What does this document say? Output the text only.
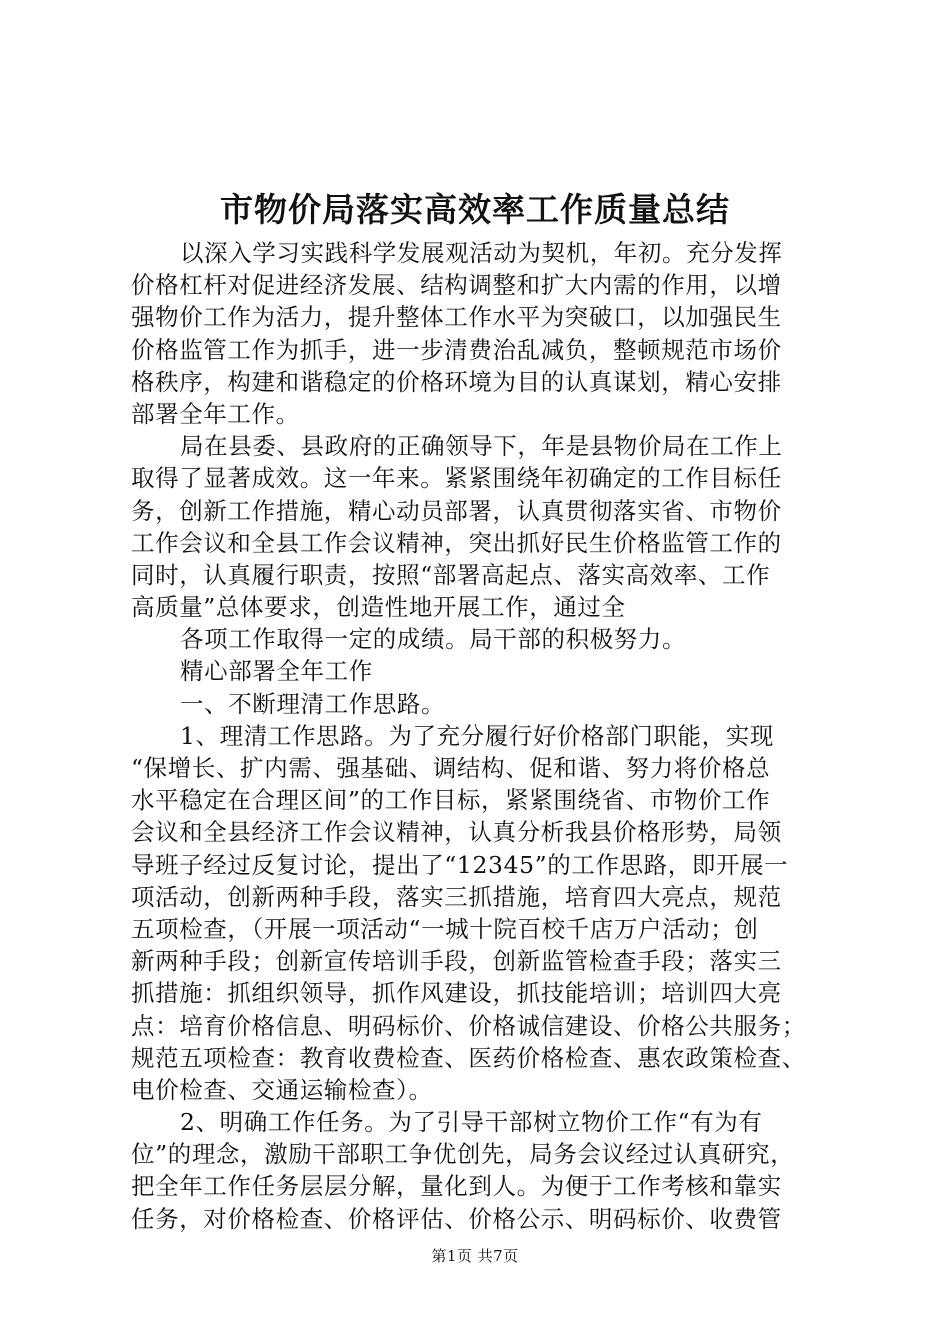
市物价局落实高效率工作质量总结
以深入学习实践科学发展观活动为契机，年初。充分发挥
价格杠杆对促进经济发展、结构调整和扩大内需的作用，以增
强物价工作为活力，提升整体工作水平为突破口，以加强民生
价格监管工作为抓手，进一步清费治乱减负，整顿规范市场价
格秩序，构建和谐稳定的价格环境为目的认真谋划，精心安排
部署全年工作。
局在县委、县政府的正确领导下，年是县物价局在工作上
取得了显著成效。这一年来。紧紧围绕年初确定的工作目标任
务，创新工作措施，精心动员部署，认真贯彻落实省、市物价
工作会议和全县工作会议精神，突出抓好民生价格监管工作的
同时，认真履行职责，按照“部署高起点、落实高效率、工作
高质量”总体要求，创造性地开展工作，通过全
各项工作取得一定的成绩。局干部的积极努力。
精心部署全年工作
一、不断理清工作思路。
1、理清工作思路。为了充分履行好价格部门职能，实现
“保增长、扩内需、强基础、调结构、促和谐、努力将价格总
水平稳定在合理区间”的工作目标，紧紧围绕省、市物价工作
会议和全县经济工作会议精神，认真分析我县价格形势，局领
导班子经过反复讨论，提出了“12345”的工作思路，即开展一
项活动，创新两种手段，落实三抓措施，培育四大亮点，规范
五项检查，（开展一项活动“一城十院百校千店万户活动；创
新两种手段；创新宣传培训手段，创新监管检查手段；落实三
抓措施：抓组织领导，抓作风建设，抓技能培训；培训四大亮
点：培育价格信息、明码标价、价格诚信建设、价格公共服务；
规范五项检查：教育收费检查、医药价格检查、惠农政策检查、
电价检查、交通运输检查）。
2、明确工作任务。为了引导干部树立物价工作“有为有
位”的理念，激励干部职工争优创先，局务会议经过认真研究，
把全年工作任务层层分解，量化到人。为便于工作考核和靠实
任务，对价格检查、价格评估、价格公示、明码标价、收费管
第1页 共7页
